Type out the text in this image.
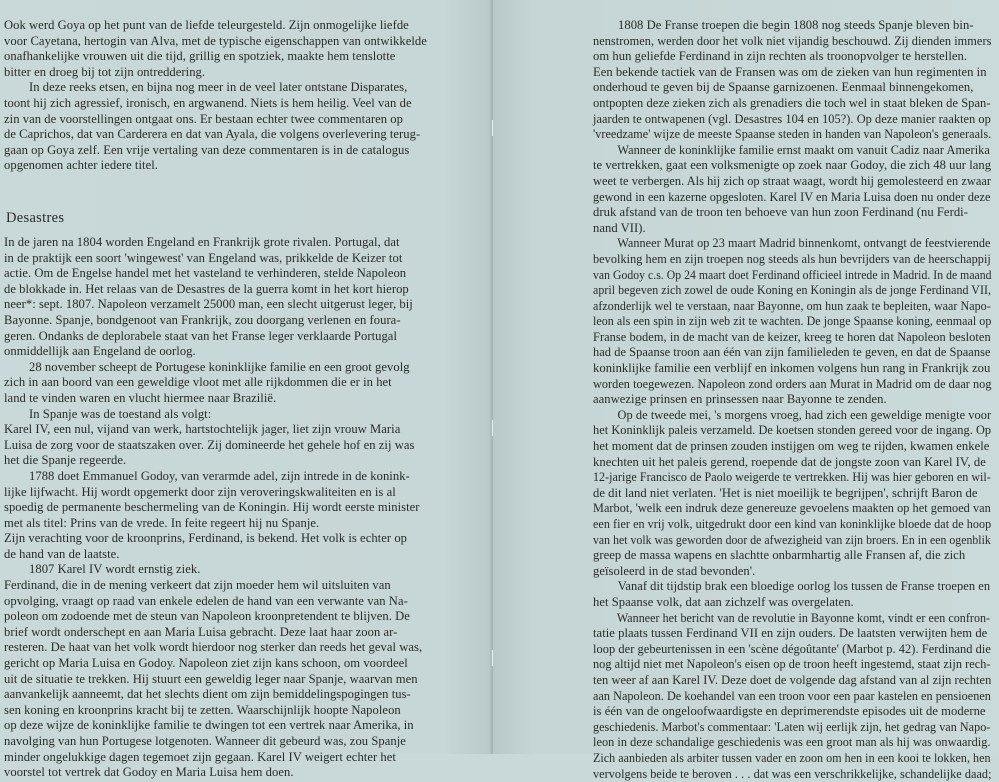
Ook werd Goya op het punt van de liefde teleurgesteld. Zijn onmogelijke liefde
voor Cayetana, hertogin van Alva, met de typische eigenschappen van ontwikkelde
onafhankelijke vrouwen uit die tijd, grillig en spotziek, maakte hem tenslotte
bitter en droeg bij tot zijn ontreddering.
In deze reeks etsen, en bijna nog meer in de veel later ontstane Disparates,
toont hij zich agressief, ironisch, en argwanend. Niets is hem heilig. Veel van de
zin van de voorstellingen ontgaat ons. Er bestaan echter twee commentaren op
de Caprichos, dat van Carderera en dat van Ayala, die volgens overlevering terug-
gaan op Goya zelf. Een vrije vertaling van deze commentaren is in de catalogus
opgenomen achter iedere titel.
Desastres
In de jaren na 1804 worden Engeland en Frankrijk grote rivalen. Portugal, dat
in de praktijk een soort 'wingewest' van Engeland was, prikkelde de Keizer tot
actie. Om de Engelse handel met het vasteland te verhinderen, stelde Napoleon
de blokkade in. Het relaas van de Desastres de la guerra komt in het kort hierop
neer*: sept. 1807. Napoleon verzamelt 25000 man, een slecht uitgerust leger, bij
Bayonne. Spanje, bondgenoot van Frankrijk, zou doorgang verlenen en foura-
geren. Ondanks de deplorabele staat van het Franse leger verklaarde Portugal
onmiddellijk aan Engeland de oorlog.
28 november scheept de Portugese koninklijke familie en een groot gevolg
zich in aan boord van een geweldige vloot met alle rijkdommen die er in het
land te vinden waren en vlucht hiermee naar Brazilië.
In Spanje was de toestand als volgt:
Karel IV, een nul, vijand van werk, hartstochtelijk jager, liet zijn vrouw Maria
Luisa de zorg voor de staatszaken over. Zij domineerde het gehele hof en zij was
het die Spanje regeerde.
1788 doet Emmanuel Godoy, van verarmde adel, zijn intrede in de konink-
lijke lijfwacht. Hij wordt opgemerkt door zijn veroveringskwaliteiten en is al
spoedig de permanente beschermeling van de Koningin. Hij wordt eerste minister
met als titel: Prins van de vrede. In feite regeert hij nu Spanje.
Zijn verachting voor de kroonprins, Ferdinand, is bekend. Het volk is echter op
de hand van de laatste.
1807 Karel IV wordt ernstig ziek.
Ferdinand, die in de mening verkeert dat zijn moeder hem wil uitsluiten van
opvolging, vraagt op raad van enkele edelen de hand van een verwante van Na-
poleon om zodoende met de steun van Napoleon kroonpretendent te blijven. De
brief wordt onderschept en aan Maria Luisa gebracht. Deze laat haar zoon ar-
resteren. De haat van het volk wordt hierdoor nog sterker dan reeds het geval was,
gericht op Maria Luisa en Godoy. Napoleon ziet zijn kans schoon, om voordeel
uit de situatie te trekken. Hij stuurt een geweldig leger naar Spanje, waarvan men
aanvankelijk aanneemt, dat het slechts dient om zijn bemiddelingspogingen tus-
sen koning en kroonprins kracht bij te zetten. Waarschijnlijk hoopte Napoleon
op deze wijze de koninklijke familie te dwingen tot een vertrek naar Amerika, in
navolging van hun Portugese lotgenoten. Wanneer dit gebeurd was, zou Spanje
minder ongelukkige dagen tegemoet zijn gegaan. Karel IV weigert echter het
voorstel tot vertrek dat Godoy en Maria Luisa hem doen.
1808 De Franse troepen die begin 1808 nog steeds Spanje bleven bin-
nenstromen, werden door het volk niet vijandig beschouwd. Zij dienden immers
om hun geliefde Ferdinand in zijn rechten als troonopvolger te herstellen.
Een bekende tactiek van de Fransen was om de zieken van hun regimenten in
onderhoud te geven bij de Spaanse garnizoenen. Eenmaal binnengekomen,
ontpopten deze zieken zich als grenadiers die toch wel in staat bleken de Span-
jaarden te ontwapenen (vgl. Desastres 104 en 105?). Op deze manier raakten op
'vreedzame' wijze de meeste Spaanse steden in handen van Napoleon's generaals.
Wanneer de koninklijke familie ernst maakt om vanuit Cadiz naar Amerika
te vertrekken, gaat een volksmenigte op zoek naar Godoy, die zich 48 uur lang
weet te verbergen. Als hij zich op straat waagt, wordt hij gemolesteerd en zwaar
gewond in een kazerne opgesloten. Karel IV en Maria Luisa doen nu onder deze
druk afstand van de troon ten behoeve van hun zoon Ferdinand (nu Ferdi-
nand VII).
Wanneer Murat op 23 maart Madrid binnenkomt, ontvangt de feestvierende
bevolking hem en zijn troepen nog steeds als hun bevrijders van de heerschappij
van Godoy c.s. Op 24 maart doet Ferdinand officieel intrede in Madrid. In de maand
april begeven zich zowel de oude Koning en Koningin als de jonge Ferdinand VII,
afzonderlijk wel te verstaan, naar Bayonne, om hun zaak te bepleiten, waar Napo-
leon als een spin in zijn web zit te wachten. De jonge Spaanse koning, eenmaal op
Franse bodem, in de macht van de keizer, kreeg te horen dat Napoleon besloten
had de Spaanse troon aan één van zijn familieleden te geven, en dat de Spaanse
koninklijke familie een verblijf en inkomen volgens hun rang in Frankrijk zou
worden toegewezen. Napoleon zond orders aan Murat in Madrid om de daar nog
aanwezige prinsen en prinsessen naar Bayonne te zenden.
Op de tweede mei, 's morgens vroeg, had zich een geweldige menigte voor
het Koninklijk paleis verzameld. De koetsen stonden gereed voor de ingang. Op
het moment dat de prinsen zouden instijgen om weg te rijden, kwamen enkele
knechten uit het paleis gerend, roepende dat de jongste zoon van Karel IV, de
12-jarige Francisco de Paolo weigerde te vertrekken. Hij was hier geboren en wil-
de dit land niet verlaten. 'Het is niet moeilijk te begrijpen', schrijft Baron de
Marbot, 'welk een indruk deze genereuze gevoelens maakten op het gemoed van
een fier en vrij volk, uitgedrukt door een kind van koninklijke bloede dat de hoop
van het volk was geworden door de afwezigheid van zijn broers. En in een ogenblik
greep de massa wapens en slachtte onbarmhartig alle Fransen af, die zich
geïsoleerd in de stad bevonden'.
Vanaf dit tijdstip brak een bloedige oorlog los tussen de Franse troepen en
het Spaanse volk, dat aan zichzelf was overgelaten.
Wanneer het bericht van de revolutie in Bayonne komt, vindt er een confron-
tatie plaats tussen Ferdinand VII en zijn ouders. De laatsten verwijten hem de
loop der gebeurtenissen in een 'scène dégoûtante' (Marbot p. 42). Ferdinand die
nog altijd niet met Napoleon's eisen op de troon heeft ingestemd, staat zijn rech-
ten weer af aan Karel IV. Deze doet de volgende dag afstand van al zijn rechten
aan Napoleon. De koehandel van een troon voor een paar kastelen en pensioenen
is één van de ongeloofwaardigste en deprimerendste episodes uit de moderne
geschiedenis. Marbot's commentaar: 'Laten wij eerlijk zijn, het gedrag van Napo-
leon in deze schandalige geschiedenis was een groot man als hij was onwaardig.
Zich aanbieden als arbiter tussen vader en zoon om hen in een kooi te lokken, hen
vervolgens beide te beroven . . . dat was een verschrikkelijke, schandelijke daad;
